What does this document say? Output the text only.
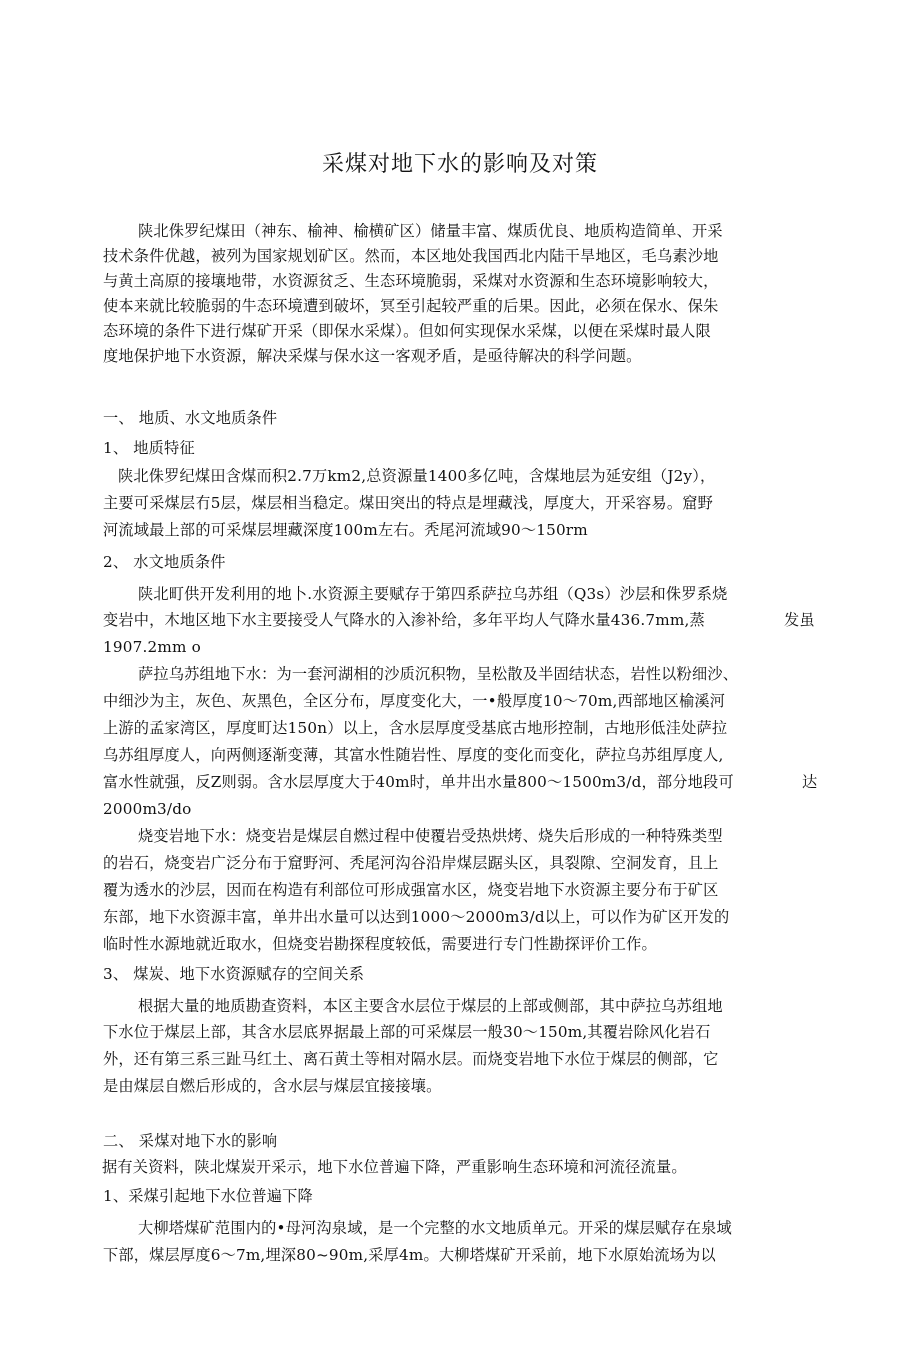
采煤对地下水的影响及对策
陕北侏罗纪煤田（神东、榆神、榆横矿区）储量丰富、煤质优良、地质构造简单、开采
技术条件优越，被列为国家规划矿区。然而，本区地处我国西北内陆干旱地区，毛乌素沙地
与黄土高原的接壤地带，水资源贫乏、生态环境脆弱，采煤对水资源和生态环境影响较大，
使本来就比较脆弱的牛态环境遭到破坏，冥至引起较严重的后果。因此，必须在保水、保朱
态环境的条件下进行煤矿开采（即保水采煤）。但如何实现保水采煤，以便在采煤时最人限
度地保护地下水资源，解决采煤与保水这一客观矛盾，是亟待解决的科学问题。
一、 地质、水文地质条件
1、 地质特征
陕北侏罗纪煤田含煤而积2.7万km2,总资源量1400多亿吨，含煤地层为延安组（J2y），
主要可采煤层冇5层，煤层相当稳定。煤田突出的特点是埋藏浅，厚度大，开采容易。窟野
河流域最上部的可采煤层埋藏深度100m左右。秃尾河流域90～150rm
2、 水文地质条件
陕北町供开发利用的地卜.水资源主要赋存于第四系萨拉乌苏组（Q3s）沙层和侏罗系烧
变岩中，木地区地下水主要接受人气降水的入渗补给，多年平均人气降水量436.7mm,蒸	发虽
1907.2mm o
萨拉乌苏组地下水：为一套河湖相的沙质沉积物，呈松散及半固结状态，岩性以粉细沙、
中细沙为主，灰色、灰黑色，全区分布，厚度变化大，一•般厚度10～70m,西部地区榆溪河
上游的孟家湾区，厚度町达150n）以上，含水层厚度受基底古地形控制，古地形低洼处萨拉
乌苏组厚度人，向两侧逐渐变薄，其富水性随岩性、厚度的变化而变化，萨拉乌苏组厚度人,
富水性就强，反Z则弱。含水层厚度大于40m时，单井出水量800～1500m3/d，部分地段可	达
2000m3/do
烧变岩地下水：烧变岩是煤层自燃过程中使覆岩受热烘烤、烧失后形成的一种特殊类型
的岩石，烧变岩广泛分布于窟野河、秃尾河沟谷沿岸煤层踞头区，具裂隙、空洞发育，且上
覆为透水的沙层，因而在构造有利部位可形成强富水区，烧变岩地下水资源主要分布于矿区
东部，地下水资源丰富，单井出水量可以达到1000～2000m3/d以上，可以作为矿区开发的
临时性水源地就近取水，但烧变岩勘探程度较低，需要进行专门性勘探评价工作。
3、 煤炭、地下水资源赋存的空间关系
根据大量的地质勘查资料，本区主要含水层位于煤层的上部或侧部，其中萨拉乌苏组地
下水位于煤层上部，其含水层底界据最上部的可采煤层一般30～150m,其覆岩除风化岩石
外，还有第三系三趾马红土、离石黄土等相对隔水层。而烧变岩地下水位于煤层的侧部，它
是由煤层自燃后形成的，含水层与煤层宜接接壤。
二、 采煤对地下水的影响
据有关资料，陕北煤炭开采示，地下水位普遍下降，严重影响生态环境和河流径流量。
1、采煤引起地下水位普遍下降
大柳塔煤矿范围内的•母河沟泉域，是一个完整的水文地质单元。开采的煤层赋存在泉域
下部，煤层厚度6～7m,埋深80~90m,采厚4m。大柳塔煤矿开采前，地下水原始流场为以
